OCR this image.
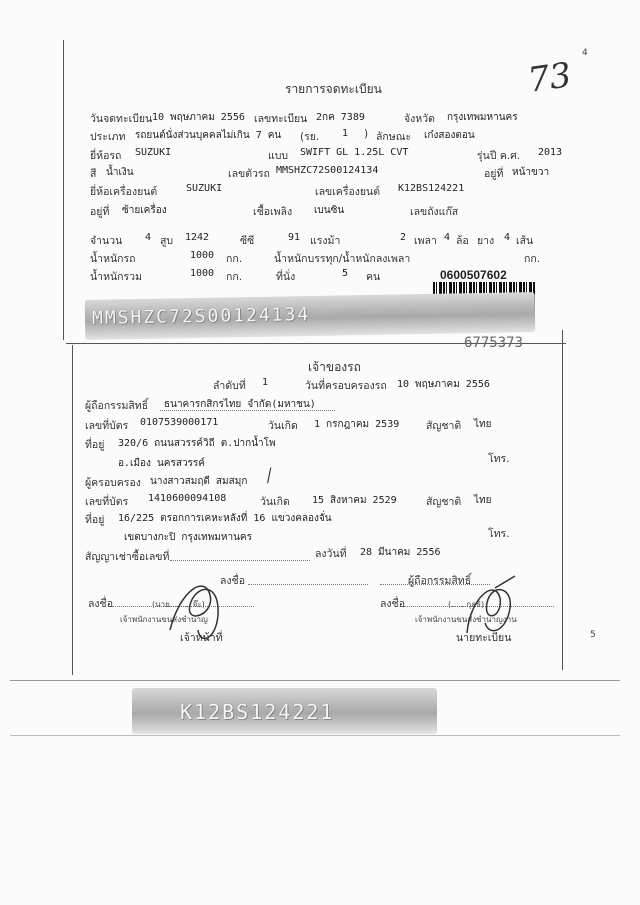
4
5
73
รายการจดทะเบียน
วันจดทะเบียน 10 พฤษภาคม 2556 เลขทะเบียน 2กค 7389	จังหวัด กรุงเทพมหานคร
ประเภท รถยนต์นั่งส่วนบุคคลไม่เกิน 7 คน (รย. 1 ) ลักษณะ เก๋งสองตอน
ยี่ห้อรถ SUZUKI	แบบ SWIFT GL 1.25L CVT	รุ่นปี ค.ศ. 2013
สี น้ำเงิน	เลขตัวรถ MMSHZC72S00124134	อยู่ที่ หน้าขวา
ยี่ห้อเครื่องยนต์	SUZUKI	เลขเครื่องยนต์ K12BS124221
อยู่ที่ ซ้ายเครื่อง	เชื้อเพลิง เบนซิน	เลขถังแก๊ส
จำนวน 4 สูบ 1242	ซีซี	91 แรงม้า	2 เพลา 4 ล้อ ยาง 4 เส้น
น้ำหนักรถ	1000 กก.	น้ำหนักบรรทุก/น้ำหนักลงเพลา	กก.
น้ำหนักรวม	1000 กก.	ที่นั่ง	5 คน	0600507602
MMSHZC72S00124134
6775373
เจ้าของรถ
ลำดับที่ 1	วันที่ครอบครองรถ 10 พฤษภาคม 2556
ผู้ถือกรรมสิทธิ์ ธนาคารกสิกรไทย จำกัด(มหาชน)
เลขที่บัตร 0107539000171	วันเกิด 1 กรกฎาคม 2539	สัญชาติ ไทย
ที่อยู่ 320/6 ถนนสวรรค์วิถี ต.ปากน้ำโพ
อ.เมือง นครสวรรค์	โทร.
ผู้ครอบครอง นางสาวสมฤดี สมสมุก ⁄
เลขที่บัตร 1410600094108	วันเกิด 15 สิงหาคม 2529	สัญชาติ ไทย
ที่อยู่ 16/225 ตรอกการเคหะหลังที่ 16 แขวงคลองจั่น
เขตบางกะปิ กรุงเทพมหานคร	โทร.
สัญญาเช่าซื้อเลขที่	ลงวันที่ 28 มีนาคม 2556
ลงชื่อ	ผู้ถือกรรมสิทธิ์
ลงชื่อ	(นาย.........จ๊ะ)
เจ้าพนักงานขนส่งชำนาญ
เจ้าหน้าที่
ลงชื่อ	(......กุลธิ)
เจ้าพนักงานขนส่งชำนาญงาน
นายทะเบียน
K12BS124221
